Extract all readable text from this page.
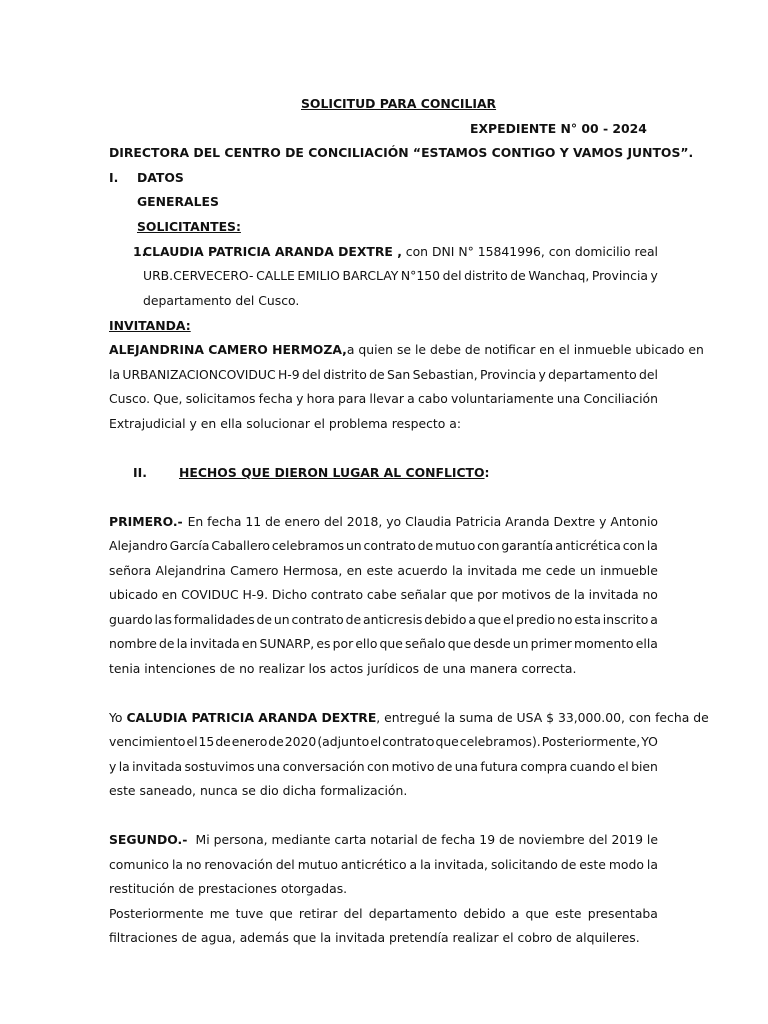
SOLICITUD PARA CONCILIAR
EXPEDIENTE N° 00 - 2024
DIRECTORA DEL CENTRO DE CONCILIACIÓN “ESTAMOS CONTIGO Y VAMOS JUNTOS”.
I. DATOS
GENERALES
SOLICITANTES:
1.
CLAUDIA PATRICIA ARANDA DEXTRE , con DNI N° 15841996, con domicilio real
URB.CERVECERO- CALLE EMILIO BARCLAY N°150 del distrito de Wanchaq, Provincia y
departamento del Cusco.
INVITANDA:
ALEJANDRINA CAMERO HERMOZA, a quien se le debe de notificar en el inmueble ubicado en
la URBANIZACIONCOVIDUC H-9 del distrito de San Sebastian, Provincia y departamento del
Cusco. Que, solicitamos fecha y hora para llevar a cabo voluntariamente una Conciliación
Extrajudicial y en ella solucionar el problema respecto a:
II.	HECHOS QUE DIERON LUGAR AL CONFLICTO:
PRIMERO.- En fecha 11 de enero del 2018, yo Claudia Patricia Aranda Dextre y Antonio
Alejandro García Caballero celebramos un contrato de mutuo con garantía anticrética con la
señora Alejandrina Camero Hermosa, en este acuerdo la invitada me cede un inmueble
ubicado en COVIDUC H-9. Dicho contrato cabe señalar que por motivos de la invitada no
guardo las formalidades de un contrato de anticresis debido a que el predio no esta inscrito a
nombre de la invitada en SUNARP, es por ello que señalo que desde un primer momento ella
tenia intenciones de no realizar los actos jurídicos de una manera correcta.
Yo CALUDIA PATRICIA ARANDA DEXTRE , entregué la suma de USA $ 33,000.00, con fecha de
vencimiento el 15 de enero de 2020 (adjunto el contrato que celebramos). Posteriormente, YO
y la invitada sostuvimos una conversación con motivo de una futura compra cuando el bien
este saneado, nunca se dio dicha formalización.
SEGUNDO.- Mi persona, mediante carta notarial de fecha 19 de noviembre del 2019 le
comunico la no renovación del mutuo anticrético a la invitada, solicitando de este modo la
restitución de prestaciones otorgadas.
Posteriormente me tuve que retirar del departamento debido a que este presentaba
filtraciones de agua, además que la invitada pretendía realizar el cobro de alquileres.
